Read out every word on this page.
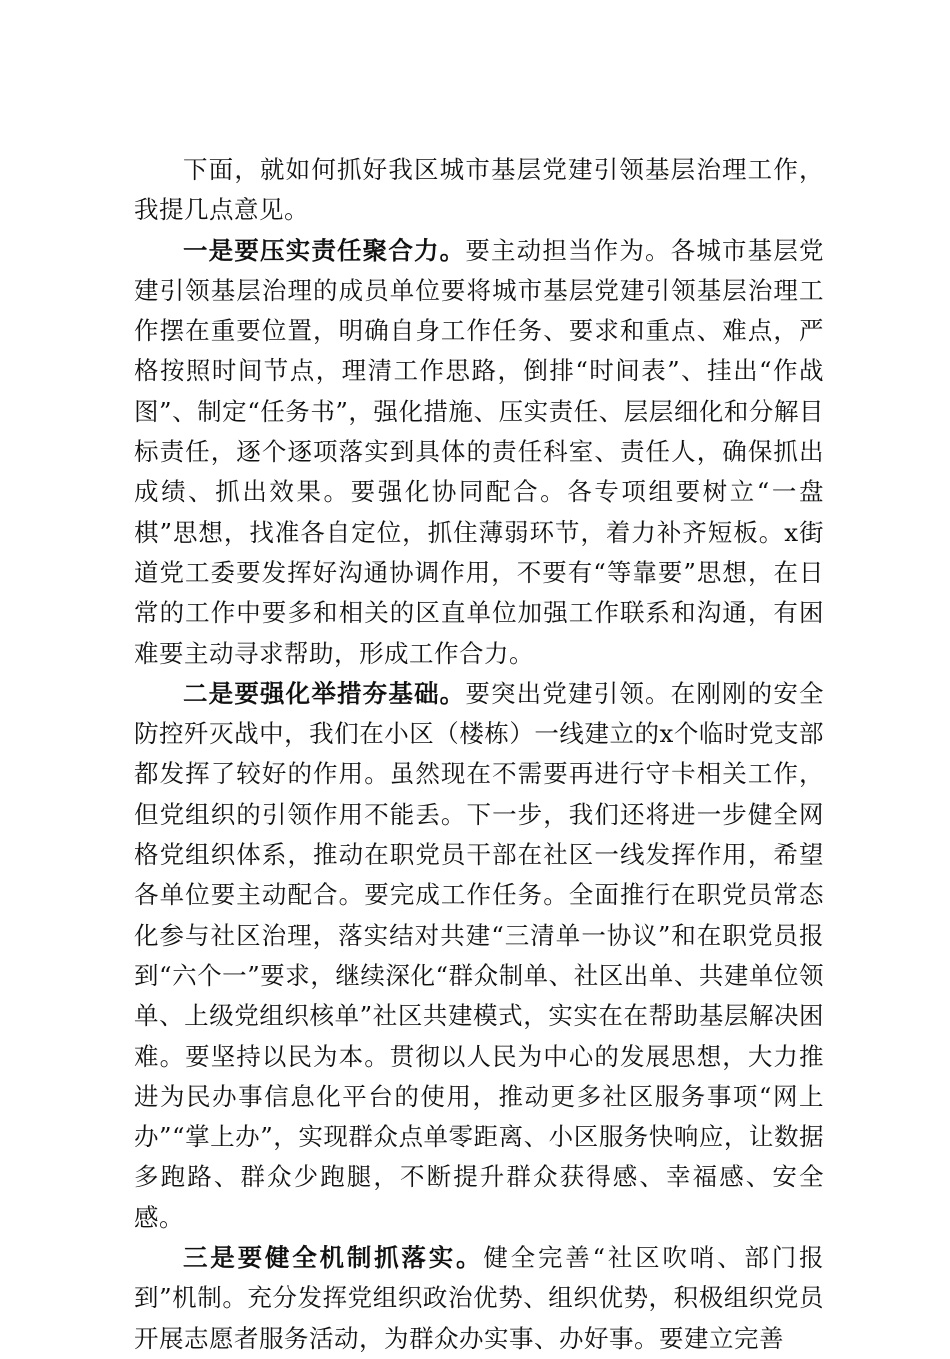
下面，就如何抓好我区城市基层党建引领基层治理工作，我提几点意见。

一是要压实责任聚合力。要主动担当作为。各城市基层党建引领基层治理的成员单位要将城市基层党建引领基层治理工作摆在重要位置，明确自身工作任务、要求和重点、难点，严格按照时间节点，理清工作思路，倒排“时间表”、挂出“作战图”、制定“任务书”，强化措施、压实责任、层层细化和分解目标责任，逐个逐项落实到具体的责任科室、责任人，确保抓出成绩、抓出效果。要强化协同配合。各专项组要树立“一盘棋”思想，找准各自定位，抓住薄弱环节，着力补齐短板。x街道党工委要发挥好沟通协调作用，不要有“等靠要”思想，在日常的工作中要多和相关的区直单位加强工作联系和沟通，有困难要主动寻求帮助，形成工作合力。

二是要强化举措夯基础。要突出党建引领。在刚刚的安全防控歼灭战中，我们在小区（楼栋）一线建立的x个临时党支部都发挥了较好的作用。虽然现在不需要再进行守卡相关工作，但党组织的引领作用不能丢。下一步，我们还将进一步健全网格党组织体系，推动在职党员干部在社区一线发挥作用，希望各单位要主动配合。要完成工作任务。全面推行在职党员常态化参与社区治理，落实结对共建“三清单一协议”和在职党员报到“六个一”要求，继续深化“群众制单、社区出单、共建单位领单、上级党组织核单”社区共建模式，实实在在帮助基层解决困难。要坚持以民为本。贯彻以人民为中心的发展思想，大力推进为民办事信息化平台的使用，推动更多社区服务事项“网上办”“掌上办”，实现群众点单零距离、小区服务快响应，让数据多跑路、群众少跑腿，不断提升群众获得感、幸福感、安全感。

三是要健全机制抓落实。健全完善“社区吹哨、部门报到”机制。充分发挥党组织政治优势、组织优势，积极组织党员开展志愿者服务活动，为群众办实事、办好事。要建立完善
